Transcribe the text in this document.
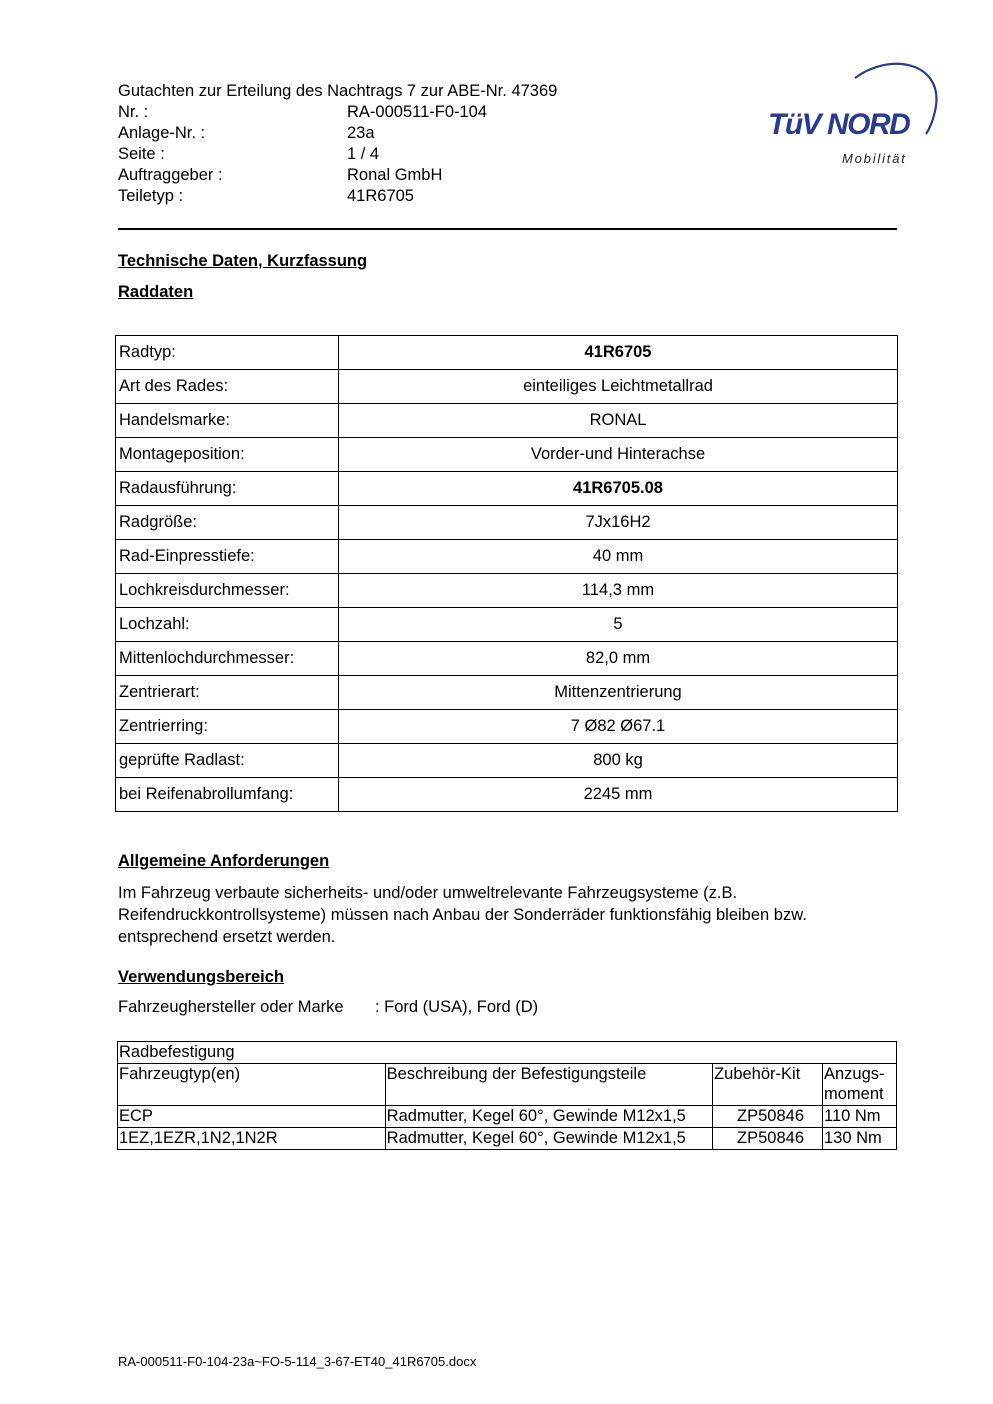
Gutachten zur Erteilung des Nachtrags 7 zur ABE-Nr. 47369
Nr. :	RA-000511-F0-104
Anlage-Nr. :	23a
Seite :	1 / 4
Auftraggeber :	Ronal GmbH
Teiletyp :	41R6705
TüV NORD
Mobilität
Technische Daten, Kurzfassung
Raddaten
Radtyp:	41R6705
Art des Rades:	einteiliges Leichtmetallrad
Handelsmarke:	RONAL
Montageposition:	Vorder-und Hinterachse
Radausführung:	41R6705.08
Radgröße:	7Jx16H2
Rad-Einpresstiefe:	40 mm
Lochkreisdurchmesser:	114,3 mm
Lochzahl:	5
Mittenlochdurchmesser:	82,0 mm
Zentrierart:	Mittenzentrierung
Zentrierring:	7 Ø82 Ø67.1
geprüfte Radlast:	800 kg
bei Reifenabrollumfang:	2245 mm
Allgemeine Anforderungen
Im Fahrzeug verbaute sicherheits- und/oder umweltrelevante Fahrzeugsysteme (z.B. Reifendruckkontrollsysteme) müssen nach Anbau der Sonderräder funktionsfähig bleiben bzw. entsprechend ersetzt werden.
Verwendungsbereich
Fahrzeughersteller oder Marke : Ford (USA), Ford (D)
Radbefestigung			
Fahrzeugtyp(en)	Beschreibung der Befestigungsteile	Zubehör-Kit	Anzugs-
moment
ECP	Radmutter, Kegel 60°, Gewinde M12x1,5	ZP50846	110 Nm
1EZ,1EZR,1N2,1N2R	Radmutter, Kegel 60°, Gewinde M12x1,5	ZP50846	130 Nm
RA-000511-F0-104-23a~FO-5-114_3-67-ET40_41R6705.docx
